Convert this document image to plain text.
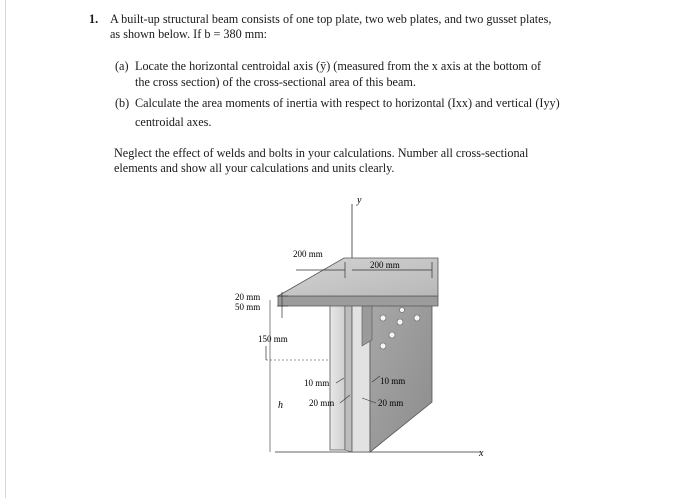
1. A built-up structural beam consists of one top plate, two web plates, and two gusset plates,
as shown below. If b = 380 mm:
(a) Locate the horizontal centroidal axis (ȳ) (measured from the x axis at the bottom of
the cross section) of the cross-sectional area of this beam.
(b) Calculate the area moments of inertia with respect to horizontal (Ixx) and vertical (Iyy)
centroidal axes.
Neglect the effect of welds and bolts in your calculations. Number all cross-sectional
elements and show all your calculations and units clearly.
y
x
200 mm
200 mm
20 mm
50 mm
150 mm
h
10 mm
20 mm
10 mm
20 mm
